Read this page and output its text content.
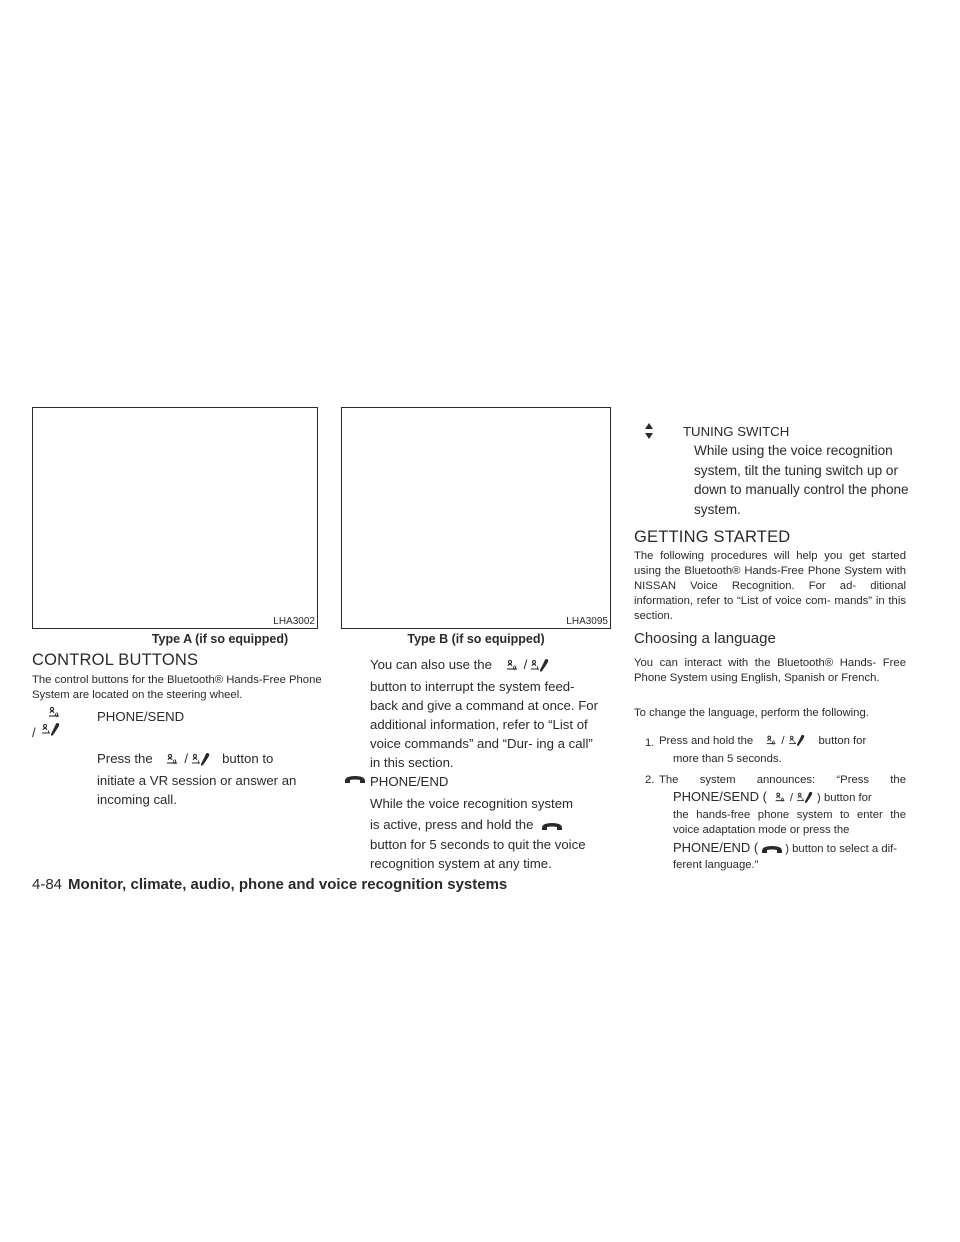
LHA3002
Type A (if so equipped)
LHA3095
Type B (if so equipped)
CONTROL BUTTONS
The control buttons for the Bluetooth® Hands-Free Phone System are located on the steering wheel.
PHONE/SEND
/
Press the /	button to
initiate a VR session or answer an
incoming call.
You can also use the /
button to interrupt the system feed- back and give a command at once. For additional information, refer to “List of voice commands” and “Dur- ing a call” in this section.
PHONE/END
While the voice recognition system
is active, press and hold the
button for 5 seconds to quit the voice recognition system at any time.
TUNING SWITCH
While using the voice recognition system, tilt the tuning switch up or down to manually control the phone system.
GETTING STARTED
The following procedures will help you get started using the Bluetooth® Hands-Free Phone System with NISSAN Voice Recognition. For ad- ditional information, refer to “List of voice com- mands” in this section.
Choosing a language
You can interact with the Bluetooth® Hands- Free Phone System using English, Spanish or French.
To change the language, perform the following.
1. Press and hold the /	button for
more than 5 seconds.
2. The system announces: “Press the
PHONE/SEND ( / ) button for
the hands-free phone system to enter the voice adaptation mode or press the
PHONE/END ( ) button to select a dif-
ferent language.”
4-84 Monitor, climate, audio, phone and voice recognition systems
